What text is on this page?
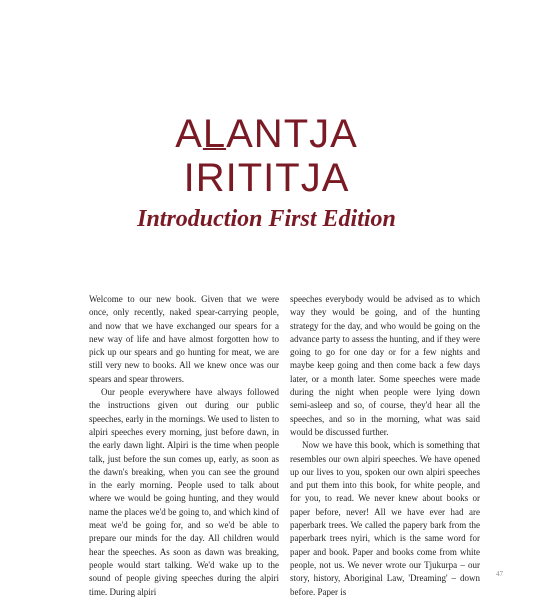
ALANTJA
IRITITJA
Introduction First Edition

Welcome to our new book. Given that we were once, only recently, naked spear-carrying people, and now that we have exchanged our spears for a new way of life and have almost forgotten how to pick up our spears and go hunting for meat, we are still very new to books. All we knew once was our spears and spear throwers.

Our people everywhere have always followed the instructions given out during our public speeches, early in the mornings. We used to listen to alpiri speeches every morning, just before dawn, in the early dawn light. Alpiri is the time when people talk, just before the sun comes up, early, as soon as the dawn's breaking, when you can see the ground in the early morning. People used to talk about where we would be going hunting, and they would name the places we'd be going to, and which kind of meat we'd be going for, and so we'd be able to prepare our minds for the day. All children would hear the speeches. As soon as dawn was breaking, people would start talking. We'd wake up to the sound of people giving speeches during the alpiri time. During alpiri

speeches everybody would be advised as to which way they would be going, and of the hunting strategy for the day, and who would be going on the advance party to assess the hunting, and if they were going to go for one day or for a few nights and maybe keep going and then come back a few days later, or a month later. Some speeches were made during the night when people were lying down semi-asleep and so, of course, they'd hear all the speeches, and so in the morning, what was said would be discussed further.

Now we have this book, which is something that resembles our own alpiri speeches. We have opened up our lives to you, spoken our own alpiri speeches and put them into this book, for white people, and for you, to read. We never knew about books or paper before, never! All we have ever had are paperbark trees. We called the papery bark from the paperbark trees nyiri, which is the same word for paper and book. Paper and books come from white people, not us. We never wrote our Tjukurpa – our story, history, Aboriginal Law, 'Dreaming' – down before. Paper is

47
